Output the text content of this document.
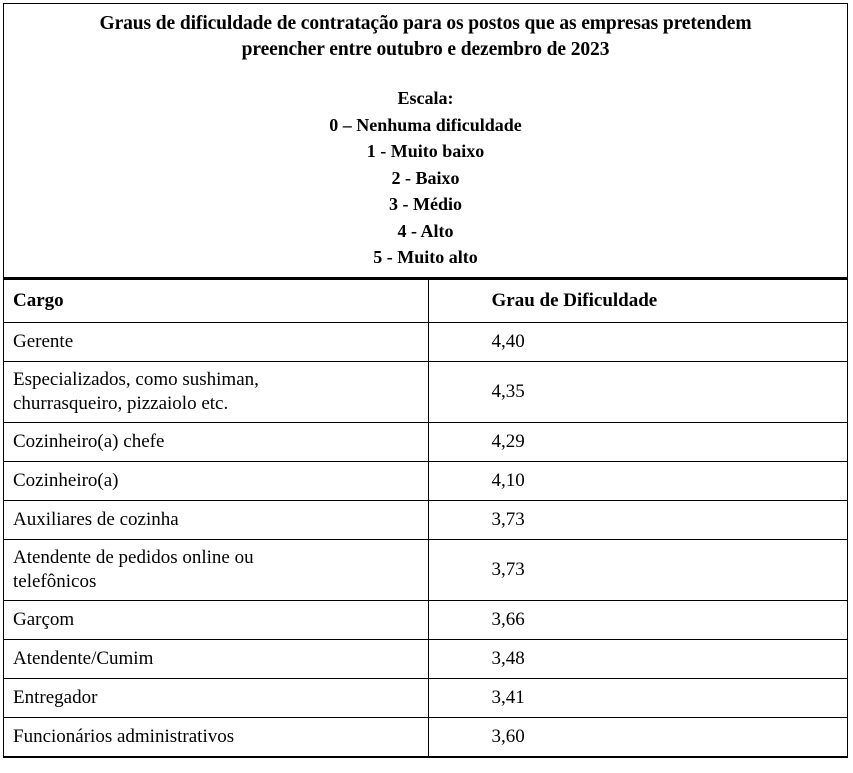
Graus de dificuldade de contratação para os postos que as empresas pretendem
preencher entre outubro e dezembro de 2023
Escala:
0 – Nenhuma dificuldade
1 - Muito baixo
2 - Baixo
3 - Médio
4 - Alto
5 - Muito alto
Cargo	Grau de Dificuldade

Gerente	4,40

Especializados, como sushiman,
churrasqueiro, pizzaiolo etc.	4,35

Cozinheiro(a) chefe	4,29

Cozinheiro(a)	4,10

Auxiliares de cozinha	3,73

Atendente de pedidos online ou
telefônicos	3,73

Garçom	3,66

Atendente/Cumim	3,48

Entregador	3,41

Funcionários administrativos	3,60
